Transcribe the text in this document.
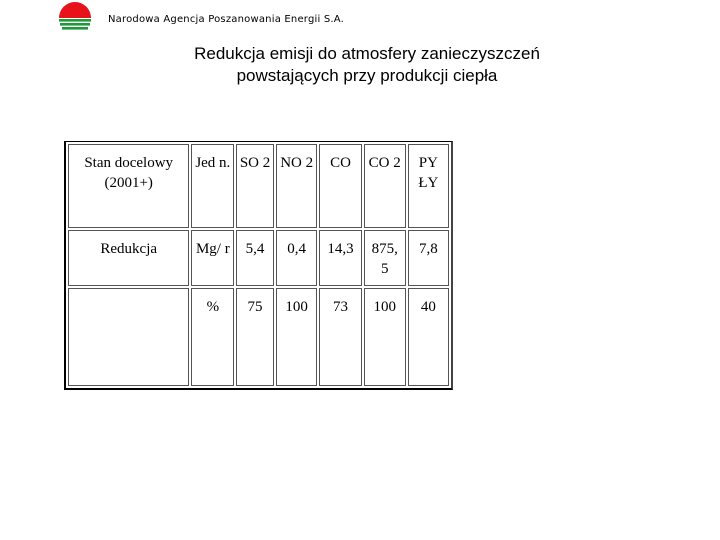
Narodowa Agencja Poszanowania Energii S.A.
Redukcja emisji do atmosfery zanieczyszczeń
powstających przy produkcji ciepła
Stan docelowy (2001+)	Jed n.	SO 2	NO 2	CO	CO 2	PY ŁY
Redukcja	Mg/ r	5,4	0,4	14,3	875, 5	7,8
	%	75	100	73	100	40
